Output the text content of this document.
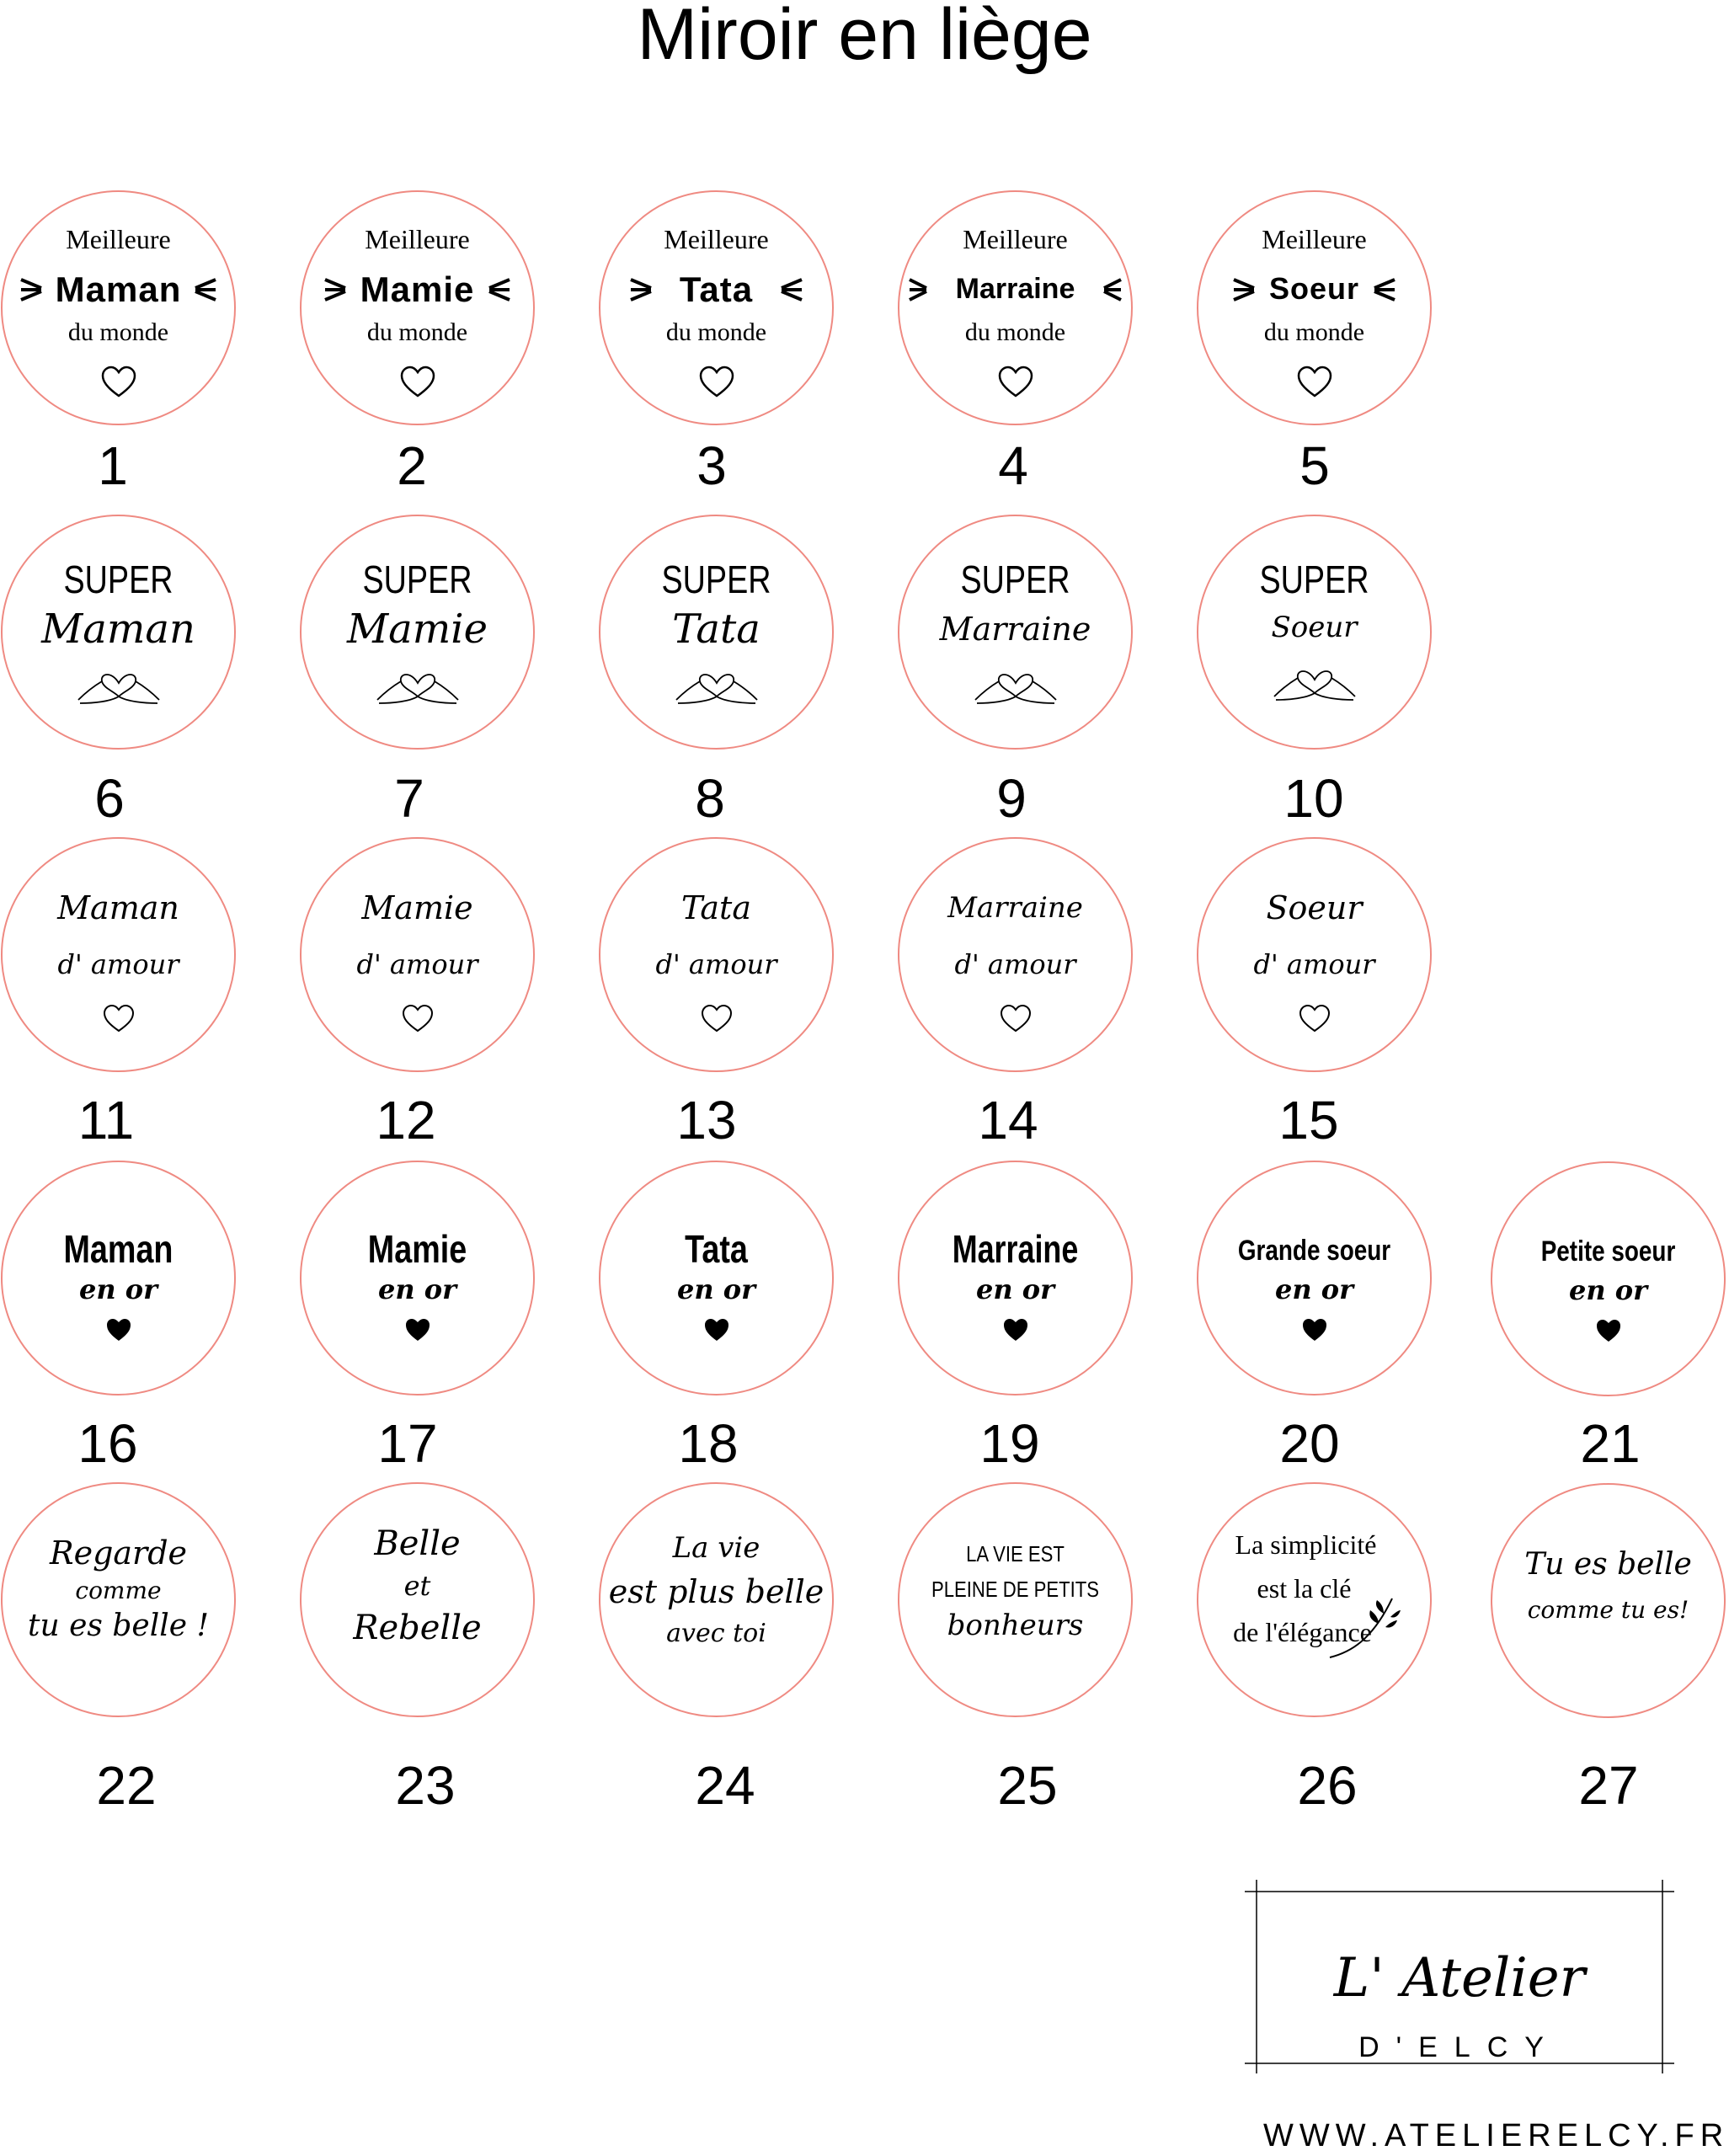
Miroir en liège
Meilleure
Maman
du monde
1
Meilleure
Mamie
du monde
2
Meilleure
Tata
du monde
3
Meilleure
Marraine
du monde
4
Meilleure
Soeur
du monde
5
SUPER
Maman
6
SUPER
Mamie
7
SUPER
Tata
8
SUPER
Marraine
9
SUPER
Soeur
10
Maman
d' amour
11
Mamie
d' amour
12
Tata
d' amour
13
Marraine
d' amour
14
Soeur
d' amour
15
Maman
en or
16
Mamie
en or
17
Tata
en or
18
Marraine
en or
19
Grande soeur
en or
20
Petite soeur
en or
21
Regarde
comme
tu es belle !
22
Belle
et
Rebelle
23
La vie
est plus belle
avec toi
24
LA VIE EST
PLEINE DE PETITS
bonheurs
25
La simplicité
est la clé
de l'élégance
26
Tu es belle
comme tu es!
27
L' Atelier
D'ELCY
WWW.ATELIERELCY.FR
